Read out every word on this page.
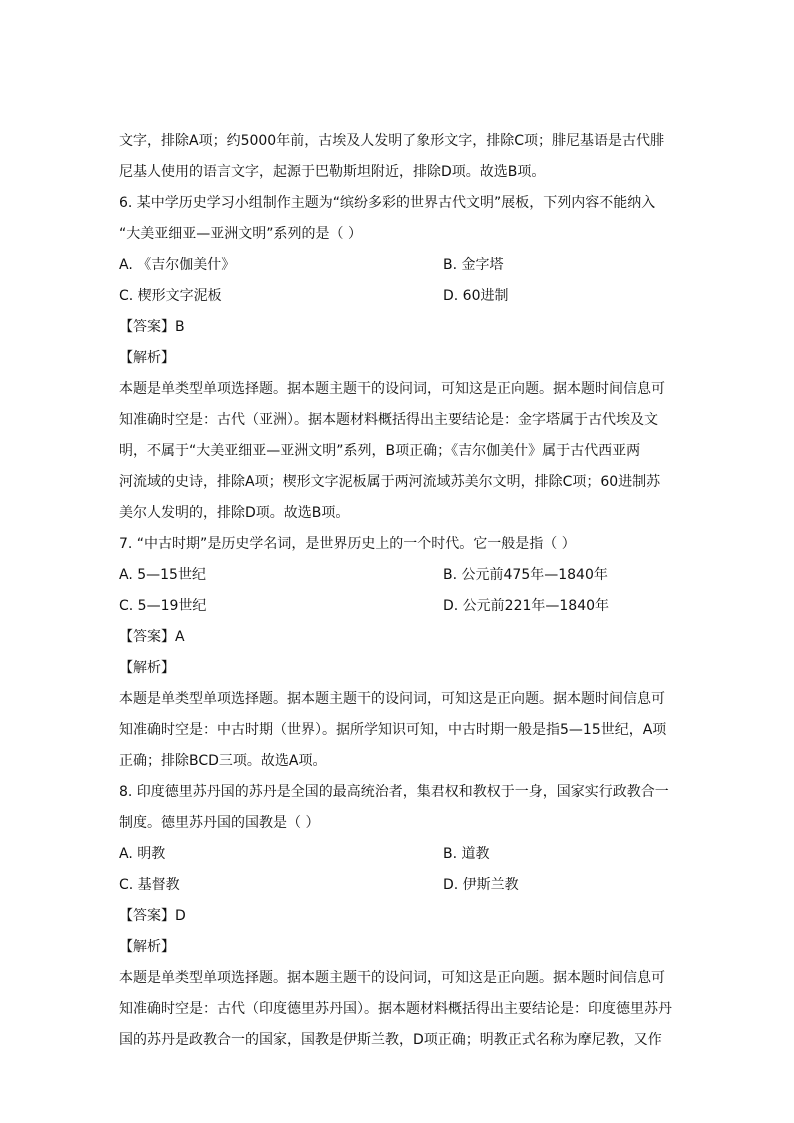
文字，排除A项；约5000年前，古埃及人发明了象形文字，排除C项；腓尼基语是古代腓

尼基人使用的语言文字，起源于巴勒斯坦附近，排除D项。故选B项。

6. 某中学历史学习小组制作主题为“缤纷多彩的世界古代文明”展板，下列内容不能纳入

“大美亚细亚—亚洲文明”系列的是（ ）

A. 《吉尔伽美什》	B. 金字塔
C. 楔形文字泥板	D. 60进制

【答案】B

【解析】

本题是单类型单项选择题。据本题主题干的设问词，可知这是正向题。据本题时间信息可

知准确时空是：古代（亚洲）。据本题材料概括得出主要结论是：金字塔属于古代埃及文

明，不属于“大美亚细亚—亚洲文明”系列，B项正确；《吉尔伽美什》属于古代西亚两

河流域的史诗，排除A项；楔形文字泥板属于两河流域苏美尔文明，排除C项；60进制苏

美尔人发明的，排除D项。故选B项。

7. “中古时期”是历史学名词，是世界历史上的一个时代。它一般是指（ ）

A. 5—15世纪	B. 公元前475年—1840年
C. 5—19世纪	D. 公元前221年—1840年

【答案】A

【解析】

本题是单类型单项选择题。据本题主题干的设问词，可知这是正向题。据本题时间信息可

知准确时空是：中古时期（世界）。据所学知识可知，中古时期一般是指5—15世纪，A项

正确；排除BCD三项。故选A项。

8. 印度德里苏丹国的苏丹是全国的最高统治者，集君权和教权于一身，国家实行政教合一

制度。德里苏丹国的国教是（ ）

A. 明教	B. 道教
C. 基督教	D. 伊斯兰教

【答案】D

【解析】

本题是单类型单项选择题。据本题主题干的设问词，可知这是正向题。据本题时间信息可

知准确时空是：古代（印度德里苏丹国）。据本题材料概括得出主要结论是：印度德里苏丹

国的苏丹是政教合一的国家，国教是伊斯兰教，D项正确；明教正式名称为摩尼教，又作
